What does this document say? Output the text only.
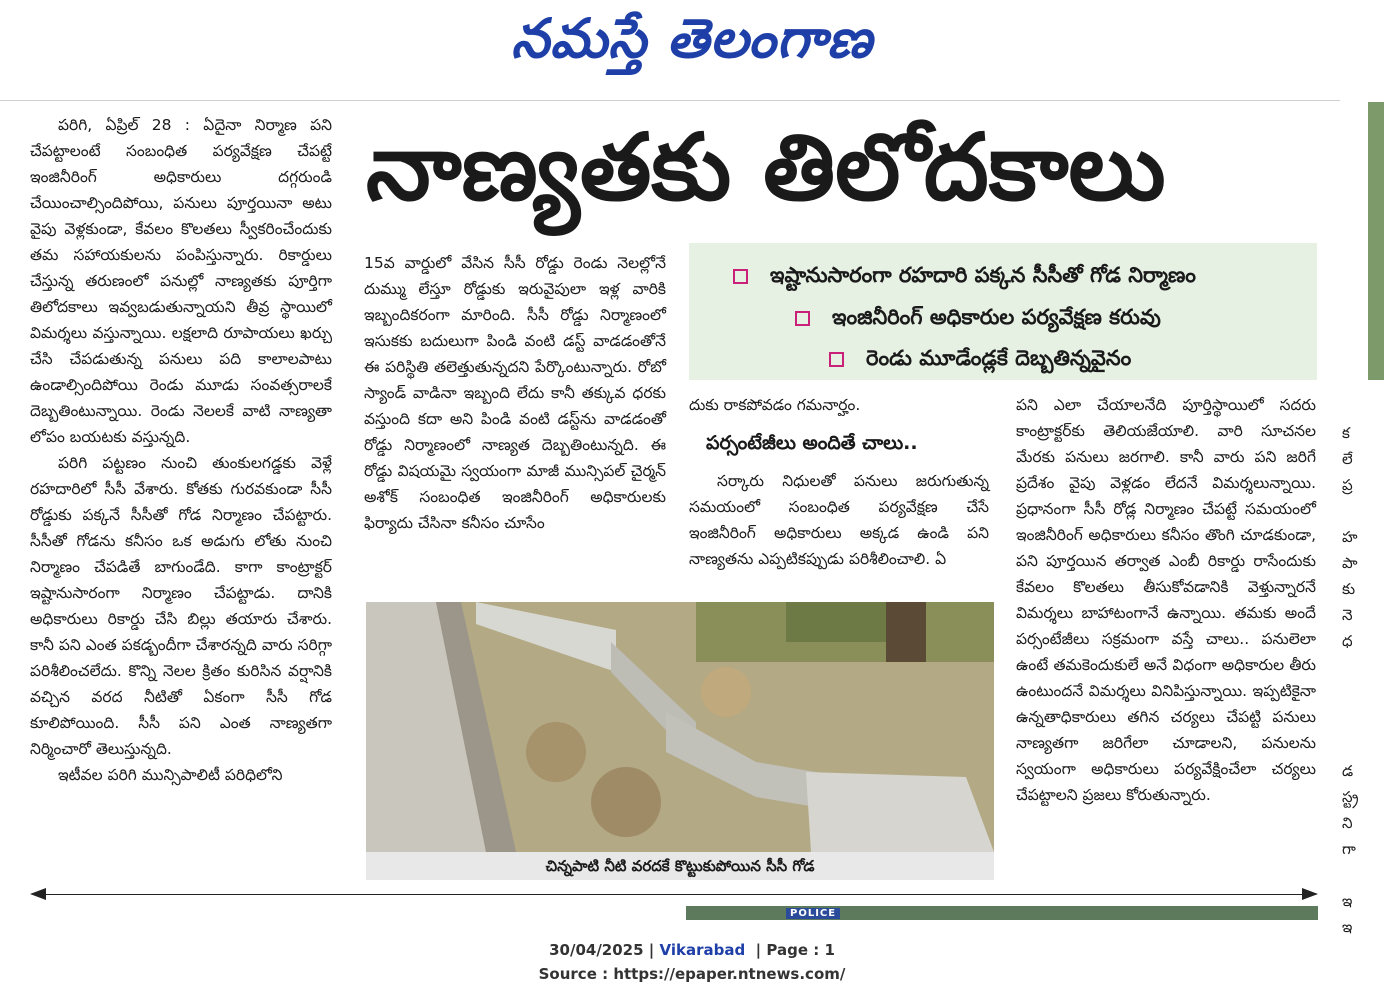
నమస్తే తెలంగాణ
నాణ్యతకు తిలోదకాలు

పరిగి, ఏప్రిల్ 28 : ఏదైనా నిర్మాణ పని చేపట్టాలంటే సంబంధిత పర్యవేక్షణ చేపట్టే ఇంజినీరింగ్ అధికారులు దగ్గరుండి చేయించాల్సిందిపోయి, పనులు పూర్తయినా అటు వైపు వెళ్లకుండా, కేవలం కొలతలు స్వీకరించేందుకు తమ సహాయకులను పంపిస్తున్నారు. రికార్డులు చేస్తున్న తరుణంలో పనుల్లో నాణ్యతకు పూర్తిగా తిలోదకాలు ఇవ్వబడుతున్నాయని తీవ్ర స్థాయిలో విమర్శలు వస్తున్నాయి. లక్షలాది రూపాయలు ఖర్చు చేసి చేపడుతున్న పనులు పది కాలాలపాటు ఉండాల్సిందిపోయి రెండు మూడు సంవత్సరాలకే దెబ్బతింటున్నాయి. రెండు నెలలకే వాటి నాణ్యతా లోపం బయటకు వస్తున్నది.

పరిగి పట్టణం నుంచి తుంకులగడ్డకు వెళ్లే రహదారిలో సీసీ వేశారు. కోతకు గురవకుండా సీసీ రోడ్డుకు పక్కనే సీసీతో గోడ నిర్మాణం చేపట్టారు. సీసీతో గోడను కనీసం ఒక అడుగు లోతు నుంచి నిర్మాణం చేపడితే బాగుండేది. కాగా కాంట్రాక్టర్ ఇష్టానుసారంగా నిర్మాణం చేపట్టాడు. దానికి అధికారులు రికార్డు చేసి బిల్లు తయారు చేశారు. కానీ పని ఎంత పకడ్బందీగా చేశారన్నది వారు సరిగ్గా పరిశీలించలేదు. కొన్ని నెలల క్రితం కురిసిన వర్షానికి వచ్చిన వరద నీటితో ఏకంగా సీసీ గోడ కూలిపోయింది. సీసీ పని ఎంత నాణ్యతగా నిర్మించారో తెలుస్తున్నది.

ఇటీవల పరిగి మున్సిపాలిటీ పరిధిలోని

ఇష్టానుసారంగా రహదారి పక్కన సీసీతో గోడ నిర్మాణం
ఇంజినీరింగ్ అధికారుల పర్యవేక్షణ కరువు
రెండు మూడేండ్లకే దెబ్బతిన్నవైనం

15వ వార్డులో వేసిన సీసీ రోడ్డు రెండు నెలల్లోనే దుమ్ము లేస్తూ రోడ్డుకు ఇరువైపులా ఇళ్ల వారికి ఇబ్బందికరంగా మారింది. సీసీ రోడ్డు నిర్మాణంలో ఇసుకకు బదులుగా పిండి వంటి డస్ట్ వాడడంతోనే ఈ పరిస్థితి తలెత్తుతున్నదని పేర్కొంటున్నారు. రోబో స్యాండ్ వాడినా ఇబ్బంది లేదు కానీ తక్కువ ధరకు వస్తుంది కదా అని పిండి వంటి డస్ట్‌ను వాడడంతో రోడ్డు నిర్మాణంలో నాణ్యత దెబ్బతింటున్నది. ఈ రోడ్డు విషయమై స్వయంగా మాజీ మున్సిపల్ చైర్మన్ అశోక్ సంబంధిత ఇంజినీరింగ్ అధికారులకు ఫిర్యాదు చేసినా కనీసం చూసేం

దుకు రాకపోవడం గమనార్హం.

సర్కారు నిధులతో పనులు జరుగుతున్న సమయంలో సంబంధిత పర్యవేక్షణ చేసే ఇంజినీరింగ్ అధికారులు అక్కడ ఉండి పని నాణ్యతను ఎప్పటికప్పుడు పరిశీలించాలి. ఏ

పర్సంటేజీలు అందితే చాలు..

పని ఎలా చేయాలనేది పూర్తిస్థాయిలో సదరు కాంట్రాక్టర్‌కు తెలియజేయాలి. వారి సూచనల మేరకు పనులు జరగాలి. కానీ వారు పని జరిగే ప్రదేశం వైపు వెళ్లడం లేదనే విమర్శలున్నాయి. ప్రధానంగా సీసీ రోడ్ల నిర్మాణం చేపట్టే సమయంలో ఇంజినీరింగ్ అధికారులు కనీసం తొంగి చూడకుండా, పని పూర్తయిన తర్వాత ఎంబీ రికార్డు రాసేందుకు కేవలం కొలతలు తీసుకోవడానికి వెళ్తున్నారనే విమర్శలు బాహాటంగానే ఉన్నాయి. తమకు అందే పర్సంటేజీలు సక్రమంగా వస్తే చాలు.. పనులెలా ఉంటే తమకెందుకులే అనే విధంగా అధికారుల తీరు ఉంటుందనే విమర్శలు వినిపిస్తున్నాయి. ఇప్పటికైనా ఉన్నతాధికారులు తగిన చర్యలు చేపట్టి పనులు నాణ్యతగా జరిగేలా చూడాలని, పనులను స్వయంగా అధికారులు పర్యవేక్షించేలా చర్యలు చేపట్టాలని ప్రజలు కోరుతున్నారు.

చిన్నపాటి నీటి వరదకే కొట్టుకుపోయిన సీసీ గోడ
POLICE
క
లే
ప్ర

హ
పా
కు
నె
ధ
డ
స్ట్ర
ని
గా

ఇ
ఇ
30/04/2025 | Vikarabad | Page : 1
Source : https://epaper.ntnews.com/
